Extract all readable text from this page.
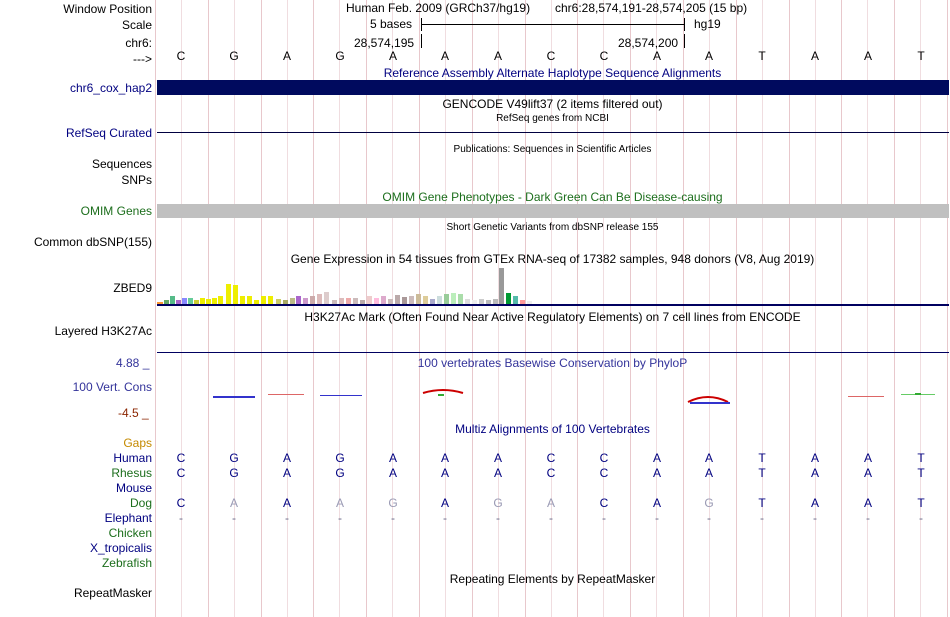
Window Position
Scale
chr6:
--->
Human Feb. 2009 (GRCh37/hg19) chr6:28,574,191-28,574,205 (15 bp)
5 bases	hg19
28,574,195	28,574,200
C	G	A	G	A	A	A	C	C	A	A	T	A	A	T
Reference Assembly Alternate Haplotype Sequence Alignments
chr6_cox_hap2
GENCODE V49lift37 (2 items filtered out)
RefSeq genes from NCBI
RefSeq Curated
Publications: Sequences in Scientific Articles
Sequences
SNPs
OMIM Gene Phenotypes - Dark Green Can Be Disease-causing
OMIM Genes
Short Genetic Variants from dbSNP release 155
Common dbSNP(155)
Gene Expression in 54 tissues from GTEx RNA-seq of 17382 samples, 948 donors (V8, Aug 2019)
ZBED9
H3K27Ac Mark (Often Found Near Active Regulatory Elements) on 7 cell lines from ENCODE
Layered H3K27Ac
100 vertebrates Basewise Conservation by PhyloP
4.88 _
100 Vert. Cons
-4.5 _
Multiz Alignments of 100 Vertebrates
Gaps
Human	C	G	A	G	A	A	A	C	C	A	A	T	A	A	T
Rhesus	C	G	A	G	A	A	A	C	C	A	A	T	A	A	T
Mouse
Dog	C	A	A	A	G	A	G	A	C	A	G	T	A	A	T
Elephant	-	-	-	-	-	-	-	-	-	-	-	-	-	-	-
Chicken
X_tropicalis
Zebrafish
Repeating Elements by RepeatMasker
RepeatMasker
